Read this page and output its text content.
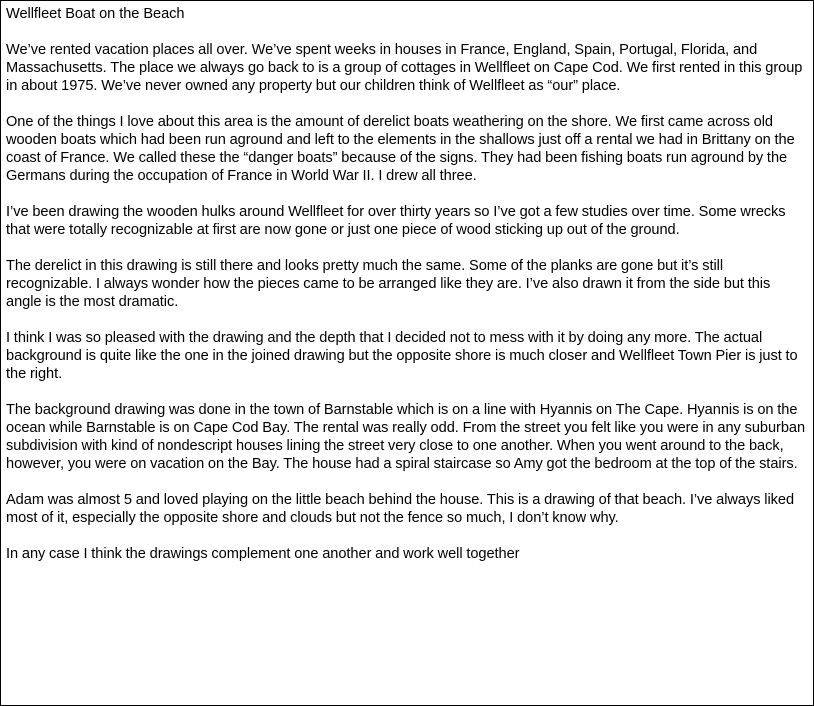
Wellfleet Boat on the Beach

We’ve rented vacation places all over. We’ve spent weeks in houses in France, England, Spain, Portugal, Florida, and Massachusetts. The place we always go back to is a group of cottages in Wellfleet on Cape Cod. We first rented in this group in about 1975. We’ve never owned any property but our children think of Wellfleet as “our” place.

One of the things I love about this area is the amount of derelict boats weathering on the shore. We first came across old wooden boats which had been run aground and left to the elements in the shallows just off a rental we had in Brittany on the coast of France. We called these the “danger boats” because of the signs. They had been fishing boats run aground by the Germans during the occupation of France in World War II. I drew all three.

I’ve been drawing the wooden hulks around Wellfleet for over thirty years so I’ve got a few studies over time. Some wrecks that were totally recognizable at first are now gone or just one piece of wood sticking up out of the ground.

The derelict in this drawing is still there and looks pretty much the same. Some of the planks are gone but it’s still recognizable. I always wonder how the pieces came to be arranged like they are. I’ve also drawn it from the side but this angle is the most dramatic.

I think I was so pleased with the drawing and the depth that I decided not to mess with it by doing any more. The actual background is quite like the one in the joined drawing but the opposite shore is much closer and Wellfleet Town Pier is just to the right.

The background drawing was done in the town of Barnstable which is on a line with Hyannis on The Cape. Hyannis is on the ocean while Barnstable is on Cape Cod Bay. The rental was really odd. From the street you felt like you were in any suburban subdivision with kind of nondescript houses lining the street very close to one another. When you went around to the back, however, you were on vacation on the Bay. The house had a spiral staircase so Amy got the bedroom at the top of the stairs.

Adam was almost 5 and loved playing on the little beach behind the house. This is a drawing of that beach. I’ve always liked most of it, especially the opposite shore and clouds but not the fence so much, I don’t know why.

In any case I think the drawings complement one another and work well together
